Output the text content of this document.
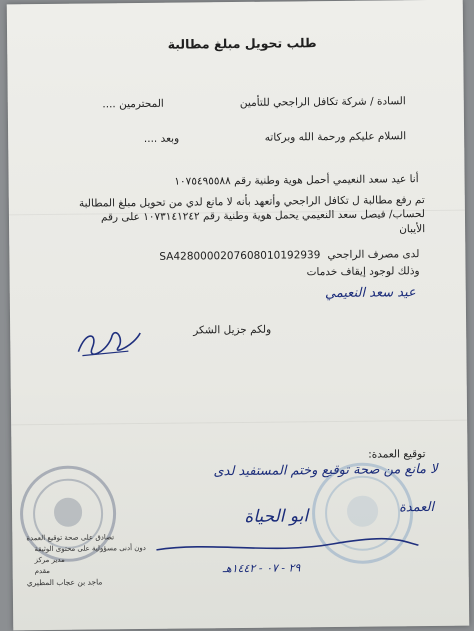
طلب تحويل مبلغ مطالبة
السادة / شركة تكافل الراجحي للتأمين
المحترمين ....
السلام عليكم ورحمة الله وبركاته
وبعد ....
أنا عيد سعد النعيمي أحمل هوية وطنية رقم ١٠٧٥٤٩٥٥٨٨
تم رفع مطالبة ل تكافل الراجحي وأتعهد بأنه لا مانع لدي من تحويل مبلغ المطالبة
لحساب/ فيصل سعد النعيمي يحمل هوية وطنية رقم ١٠٧٣١٤١٢٤٢ على رقم
الأيبان
لدى مصرف الراجحي
SA4280000207608010192939
وذلك لوجود إيقاف خدمات
عيد سعد النعيمي
ولكم جزيل الشكر
توقيع العمدة:
تصادق على صحة توقيع العمدة
دون أدنى مسؤولية على محتوى الوثيقة
مدير مركز
مقدم
ماجد بن عجاب المطيري
لا مانع من صحة توقيع وختم المستفيد لدى
العمدة
ابو الحياة
٢٩ - ٠٧ - ١٤٤٢هـ
